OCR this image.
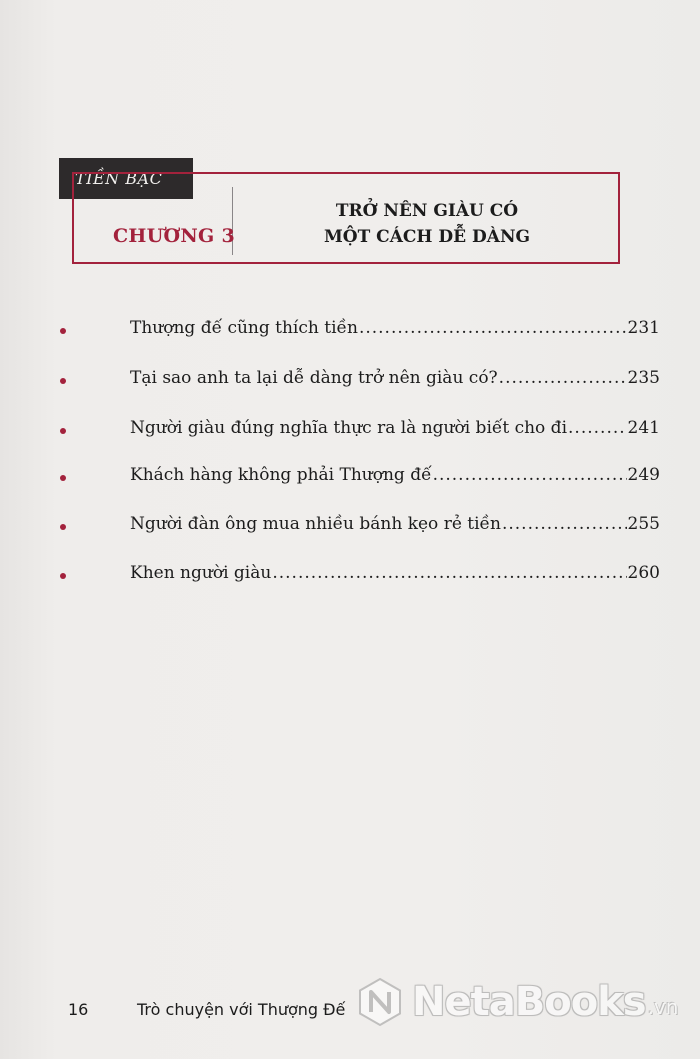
TIỀN BẠC
CHƯƠNG 3
TRỞ NÊN GIÀU CÓ
MỘT CÁCH DỄ DÀNG
Thượng đế cũng thích tiền .....	231
Tại sao anh ta lại dễ dàng trở nên giàu có? .....	235
Người giàu đúng nghĩa thực ra là người biết cho đi .....	241
Khách hàng không phải Thượng đế .....	249
Người đàn ông mua nhiều bánh kẹo rẻ tiền .....	255
Khen người giàu .....	260
16	Trò chuyện với Thượng Đế NetaBooks .vn
